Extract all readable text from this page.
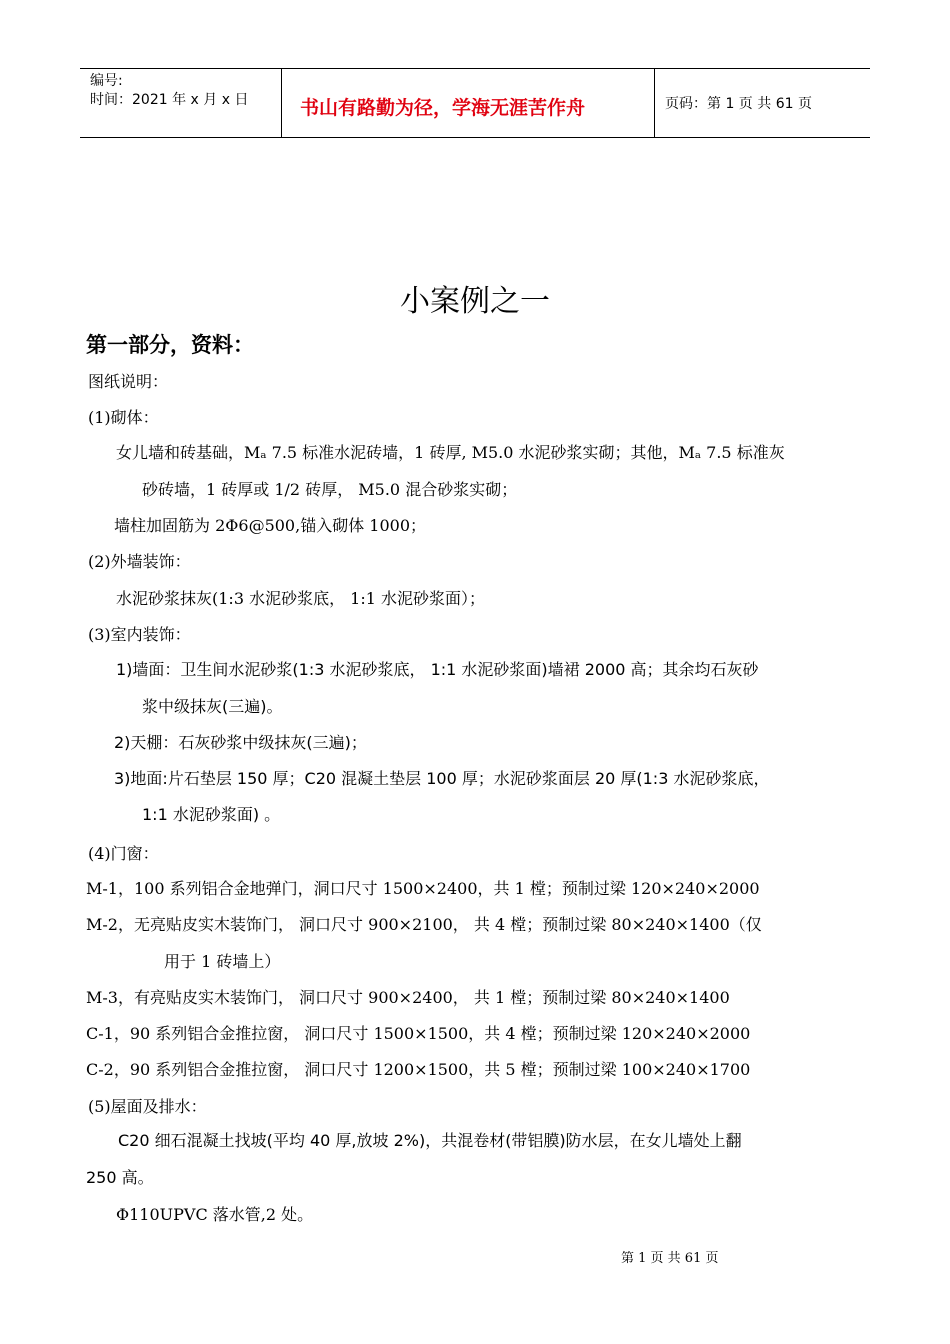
编号:
时间：2021 年 x 月 x 日	书山有路勤为径，学海无涯苦作舟	页码：第 1 页 共 61 页
小案例之一
第一部分，资料：
图纸说明：
(1)砌体：
女儿墙和砖基础，Mₐ 7.5 标准水泥砖墙，1 砖厚, M5.0 水泥砂浆实砌；其他，Mₐ 7.5 标准灰
砂砖墙，1 砖厚或 1/2 砖厚， M5.0 混合砂浆实砌；
墙柱加固筋为 2Φ6@500,锚入砌体 1000；
(2)外墙装饰：
水泥砂浆抹灰(1:3 水泥砂浆底， 1:1 水泥砂浆面）；
(3)室内装饰：
1)墙面：卫生间水泥砂浆(1:3 水泥砂浆底， 1:1 水泥砂浆面)墙裙 2000 高；其余均石灰砂
浆中级抹灰(三遍)。
2)天棚：石灰砂浆中级抹灰(三遍)；
3)地面:片石垫层 150 厚；C20 混凝土垫层 100 厚；水泥砂浆面层 20 厚(1:3 水泥砂浆底，
1:1 水泥砂浆面) 。
(4)门窗：
M-1，100 系列铝合金地弹门，洞口尺寸 1500×2400，共 1 樘；预制过梁 120×240×2000
M-2，无亮贴皮实木装饰门， 洞口尺寸 900×2100， 共 4 樘；预制过梁 80×240×1400（仅
用于 1 砖墙上）
M-3，有亮贴皮实木装饰门， 洞口尺寸 900×2400， 共 1 樘；预制过梁 80×240×1400
C-1，90 系列铝合金推拉窗， 洞口尺寸 1500×1500，共 4 樘；预制过梁 120×240×2000
C-2，90 系列铝合金推拉窗， 洞口尺寸 1200×1500，共 5 樘；预制过梁 100×240×1700
(5)屋面及排水：
C20 细石混凝土找坡(平均 40 厚,放坡 2%)，共混卷材(带铝膜)防水层，在女儿墙处上翻
250 高。
Φ110UPVC 落水管,2 处。
第 1 页 共 61 页
